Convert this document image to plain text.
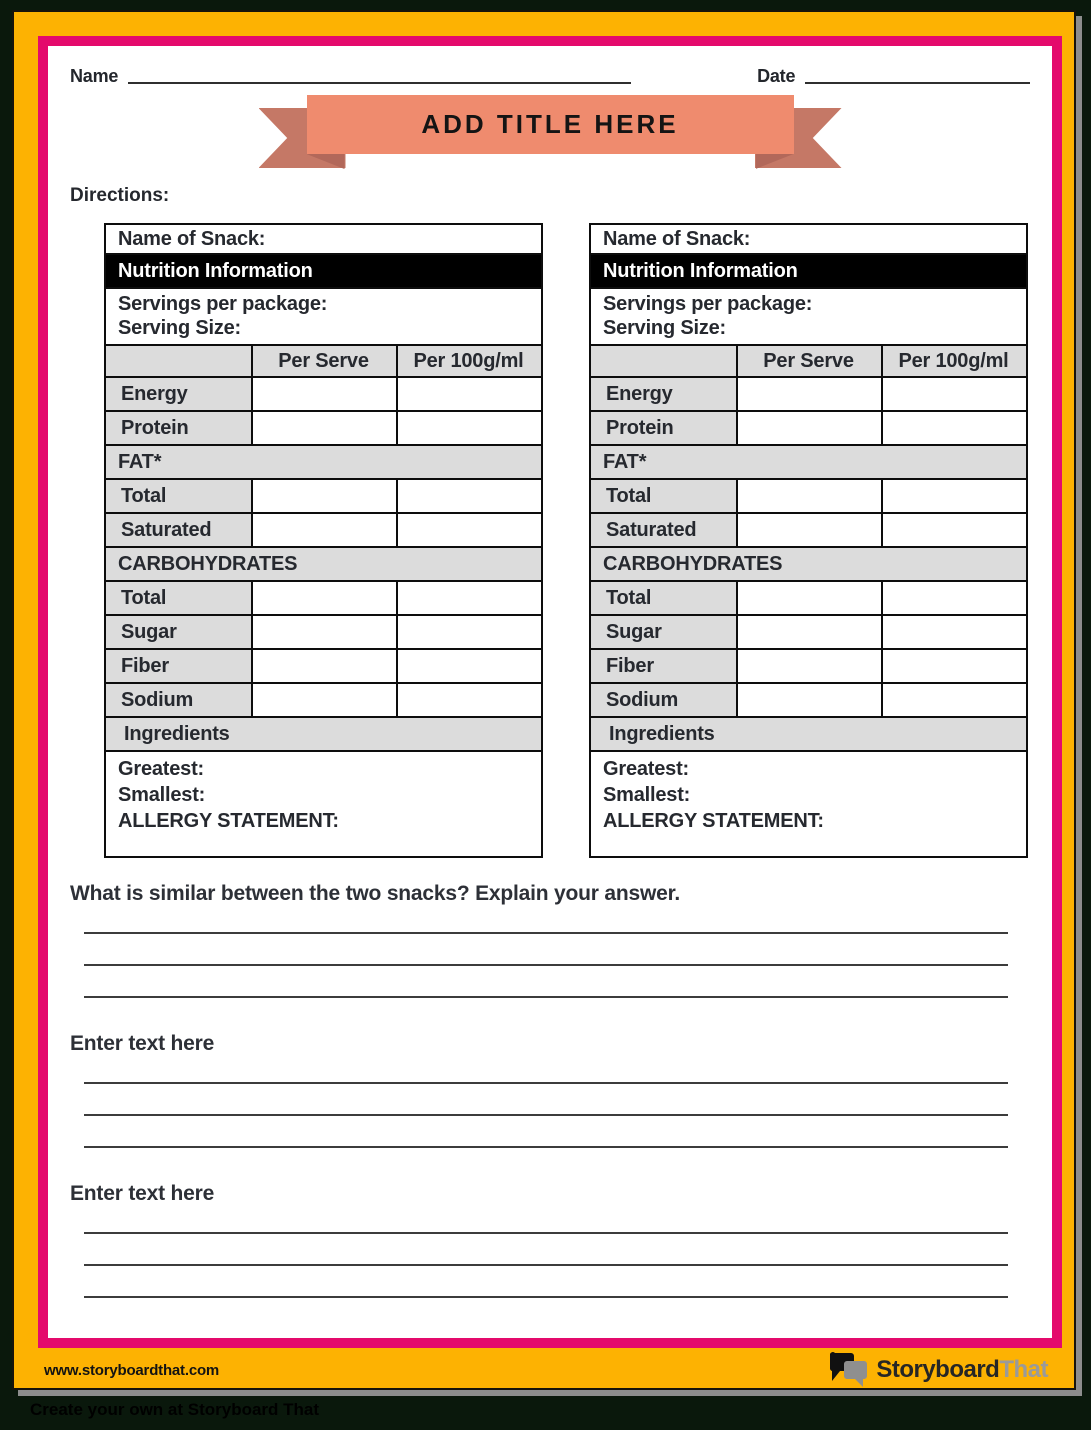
Name	Date
ADD TITLE HERE
Directions:
Name of Snack:		
Nutrition Information		

Servings per package:
Serving Size:		

	Per Serve	Per 100g/ml
Energy		
Protein		
FAT*		
Total		
Saturated		
CARBOHYDRATES		
Total		
Sugar		
Fiber		
Sodium		
Ingredients		

Greatest:
Smallest:
ALLERGY STATEMENT:		
Name of Snack:		
Nutrition Information		

Servings per package:
Serving Size:		

	Per Serve	Per 100g/ml
Energy		
Protein		
FAT*		
Total		
Saturated		
CARBOHYDRATES		
Total		
Sugar		
Fiber		
Sodium		
Ingredients		

Greatest:
Smallest:
ALLERGY STATEMENT:		
What is similar between the two snacks? Explain your answer.
Enter text here
Enter text here
www.storyboardthat.com	StoryboardThat
Create your own at Storyboard That
